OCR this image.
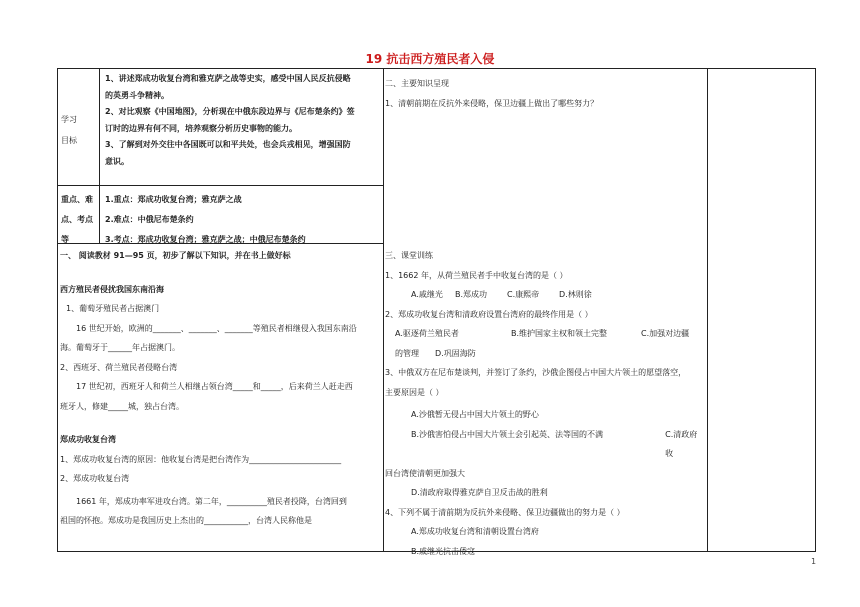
19 抗击西方殖民者入侵

学习

目标

1、讲述郑成功收复台湾和雅克萨之战等史实，感受中国人民反抗侵略
的英勇斗争精神。
2、对比观察《中国地图》，分析现在中俄东段边界与《尼布楚条约》签
订时的边界有何不同，培养观察分析历史事物的能力。
3、了解到对外交往中各国既可以和平共处，也会兵戎相见，增强国防
意识。
重点、难
点、考点
等
1.重点：郑成功收复台湾；雅克萨之战
2.难点：中俄尼布楚条约
3.考点：郑成功收复台湾；雅克萨之战；中俄尼布楚条约
一、 阅读教材 91—95 页，初步了解以下知识，并在书上做好标
西方殖民者侵扰我国东南沿海
1、葡萄牙殖民者占据澳门
16 世纪开始，欧洲的_______、_______、_______等殖民者相继侵入我国东南沿
海。葡萄牙于______年占据澳门。
2、西班牙、荷兰殖民者侵略台湾
17 世纪初，西班牙人和荷兰人相继占领台湾_____和_____，后来荷兰人赶走西
班牙人，修建_____城，独占台湾。
郑成功收复台湾
1、郑成功收复台湾的原因：他收复台湾是把台湾作为_______________________
2、郑成功收复台湾
1661 年，郑成功率军进攻台湾。第二年，__________殖民者投降，台湾回到
祖国的怀抱。郑成功是我国历史上杰出的___________，台湾人民称他是
二、主要知识呈现
1、清朝前期在反抗外来侵略，保卫边疆上做出了哪些努力？
三、课堂训练
1、1662 年，从荷兰殖民者手中收复台湾的是（ ）
A.戚继光	B.郑成功	C.康熙帝	D.林则徐
2、郑成功收复台湾和清政府设置台湾府的最终作用是（ ）
A.驱逐荷兰殖民者	B.维护国家主权和领土完整	C.加强对边疆
的管理	D.巩固海防
3、中俄双方在尼布楚谈判，并签订了条约，沙俄企图侵占中国大片领土的愿望落空，
主要原因是（ ）
A.沙俄暂无侵占中国大片领土的野心
B.沙俄害怕侵占中国大片领土会引起英、法等国的不满	C.清政府收
回台湾使清朝更加强大
D.清政府取得雅克萨自卫反击战的胜利
4、下列不属于清前期为反抗外来侵略、保卫边疆做出的努力是（ ）
A.郑成功收复台湾和清朝设置台湾府
B.戚继光抗击倭寇
1
